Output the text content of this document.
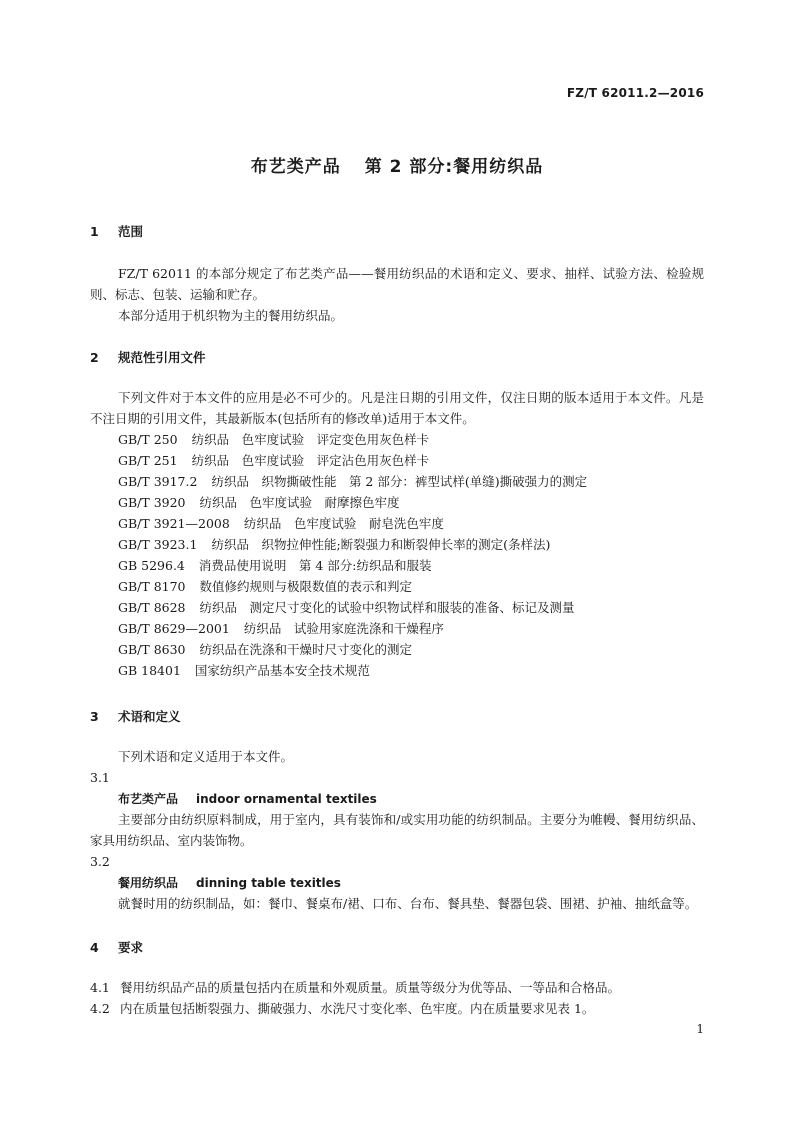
FZ/T 62011.2—2016
布艺类产品 第 2 部分:餐用纺织品
1 范围
FZ/T 62011 的本部分规定了布艺类产品——餐用纺织品的术语和定义、要求、抽样、试验方法、检验规则、标志、包装、运输和贮存。
本部分适用于机织物为主的餐用纺织品。
2 规范性引用文件
下列文件对于本文件的应用是必不可少的。凡是注日期的引用文件，仅注日期的版本适用于本文件。凡是不注日期的引用文件，其最新版本(包括所有的修改单)适用于本文件。
GB/T 250 纺织品　色牢度试验　评定变色用灰色样卡
GB/T 251 纺织品　色牢度试验　评定沾色用灰色样卡
GB/T 3917.2 纺织品　织物撕破性能　第 2 部分：裤型试样(单缝)撕破强力的测定
GB/T 3920 纺织品　色牢度试验　耐摩擦色牢度
GB/T 3921—2008 纺织品　色牢度试验　耐皂洗色牢度
GB/T 3923.1 纺织品　织物拉伸性能;断裂强力和断裂伸长率的测定(条样法)
GB 5296.4 消费品使用说明　第 4 部分:纺织品和服装
GB/T 8170 数值修约规则与极限数值的表示和判定
GB/T 8628 纺织品　测定尺寸变化的试验中织物试样和服装的准备、标记及测量
GB/T 8629—2001 纺织品　试验用家庭洗涤和干燥程序
GB/T 8630 纺织品在洗涤和干燥时尺寸变化的测定
GB 18401 国家纺织产品基本安全技术规范
3 术语和定义
下列术语和定义适用于本文件。
3.1
布艺类产品 indoor ornamental textiles
主要部分由纺织原料制成，用于室内，具有装饰和/或实用功能的纺织制品。主要分为帷幔、餐用纺织品、家具用纺织品、室内装饰物。
3.2
餐用纺织品 dinning table texitles
就餐时用的纺织制品，如：餐巾、餐桌布/裙、口布、台布、餐具垫、餐器包袋、围裙、护袖、抽纸盒等。
4 要求
4.1 餐用纺织品产品的质量包括内在质量和外观质量。质量等级分为优等品、一等品和合格品。
4.2 内在质量包括断裂强力、撕破强力、水洗尺寸变化率、色牢度。内在质量要求见表 1。
1
